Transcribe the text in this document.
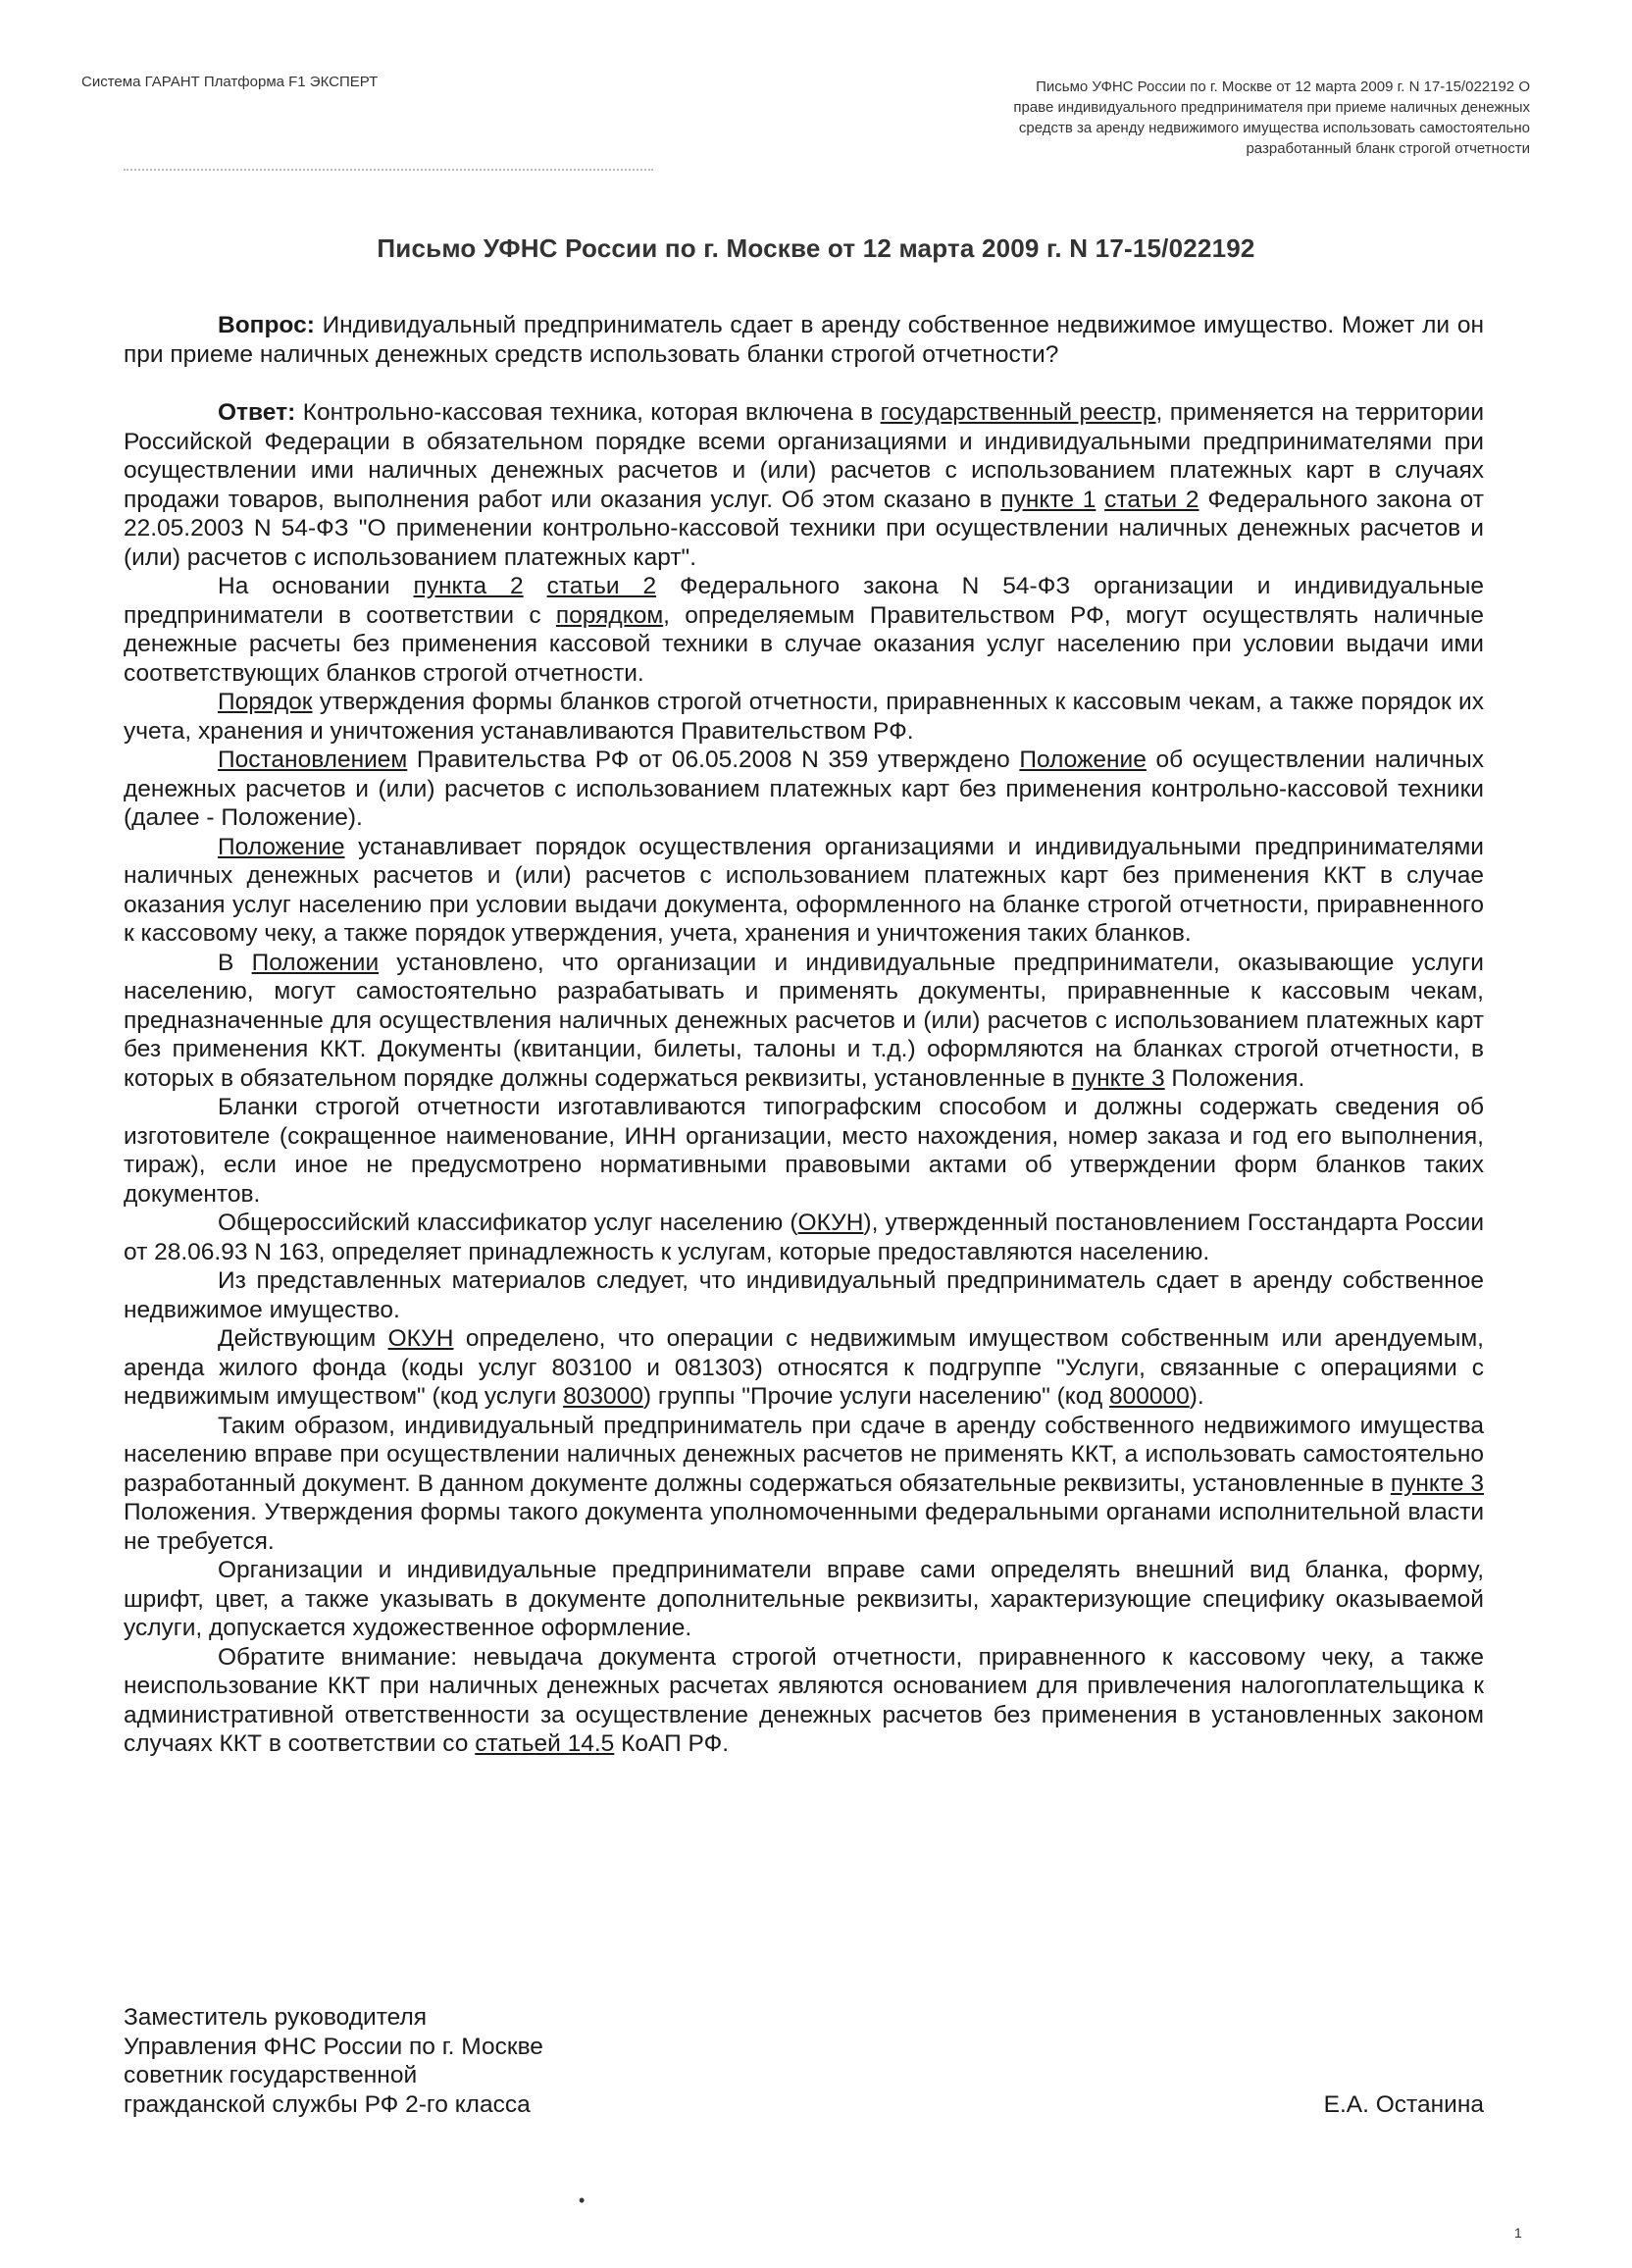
Система ГАРАНТ Платформа F1 ЭКСПЕРТ	Письмо УФНС России по г. Москве от 12 марта 2009 г. N 17-15/022192 О
праве индивидуального предпринимателя при приеме наличных денежных
средств за аренду недвижимого имущества использовать самостоятельно
разработанный бланк строгой отчетности
Письмо УФНС России по г. Москве от 12 марта 2009 г. N 17-15/022192

Вопрос: Индивидуальный предприниматель сдает в аренду собственное недвижимое имущество. Может ли он при приеме наличных денежных средств использовать бланки строгой отчетности?

Ответ: Контрольно-кассовая техника, которая включена в государственный реестр, применяется на территории Российской Федерации в обязательном порядке всеми организациями и индивидуальными предпринимателями при осуществлении ими наличных денежных расчетов и (или) расчетов с использованием платежных карт в случаях продажи товаров, выполнения работ или оказания услуг. Об этом сказано в пункте 1 статьи 2 Федерального закона от 22.05.2003 N 54-ФЗ "О применении контрольно-кассовой техники при осуществлении наличных денежных расчетов и (или) расчетов с использованием платежных карт".

На основании пункта 2 статьи 2 Федерального закона N 54-ФЗ организации и индивидуальные предприниматели в соответствии с порядком, определяемым Правительством РФ, могут осуществлять наличные денежные расчеты без применения кассовой техники в случае оказания услуг населению при условии выдачи ими соответствующих бланков строгой отчетности.

Порядок утверждения формы бланков строгой отчетности, приравненных к кассовым чекам, а также порядок их учета, хранения и уничтожения устанавливаются Правительством РФ.

Постановлением Правительства РФ от 06.05.2008 N 359 утверждено Положение об осуществлении наличных денежных расчетов и (или) расчетов с использованием платежных карт без применения контрольно-кассовой техники (далее - Положение).

Положение устанавливает порядок осуществления организациями и индивидуальными предпринимателями наличных денежных расчетов и (или) расчетов с использованием платежных карт без применения ККТ в случае оказания услуг населению при условии выдачи документа, оформленного на бланке строгой отчетности, приравненного к кассовому чеку, а также порядок утверждения, учета, хранения и уничтожения таких бланков.

В Положении установлено, что организации и индивидуальные предприниматели, оказывающие услуги населению, могут самостоятельно разрабатывать и применять документы, приравненные к кассовым чекам, предназначенные для осуществления наличных денежных расчетов и (или) расчетов с использованием платежных карт без применения ККТ. Документы (квитанции, билеты, талоны и т.д.) оформляются на бланках строгой отчетности, в которых в обязательном порядке должны содержаться реквизиты, установленные в пункте 3 Положения.

Бланки строгой отчетности изготавливаются типографским способом и должны содержать сведения об изготовителе (сокращенное наименование, ИНН организации, место нахождения, номер заказа и год его выполнения, тираж), если иное не предусмотрено нормативными правовыми актами об утверждении форм бланков таких документов.

Общероссийский классификатор услуг населению (ОКУН), утвержденный постановлением Госстандарта России от 28.06.93 N 163, определяет принадлежность к услугам, которые предоставляются населению.

Из представленных материалов следует, что индивидуальный предприниматель сдает в аренду собственное недвижимое имущество.

Действующим ОКУН определено, что операции с недвижимым имуществом собственным или арендуемым, аренда жилого фонда (коды услуг 803100 и 081303) относятся к подгруппе "Услуги, связанные с операциями с недвижимым имуществом" (код услуги 803000) группы "Прочие услуги населению" (код 800000).

Таким образом, индивидуальный предприниматель при сдаче в аренду собственного недвижимого имущества населению вправе при осуществлении наличных денежных расчетов не применять ККТ, а использовать самостоятельно разработанный документ. В данном документе должны содержаться обязательные реквизиты, установленные в пункте 3 Положения. Утверждения формы такого документа уполномоченными федеральными органами исполнительной власти не требуется.

Организации и индивидуальные предприниматели вправе сами определять внешний вид бланка, форму, шрифт, цвет, а также указывать в документе дополнительные реквизиты, характеризующие специфику оказываемой услуги, допускается художественное оформление.

Обратите внимание: невыдача документа строгой отчетности, приравненного к кассовому чеку, а также неиспользование ККТ при наличных денежных расчетах являются основанием для привлечения налогоплательщика к административной ответственности за осуществление денежных расчетов без применения в установленных законом случаях ККТ в соответствии со статьей 14.5 КоАП РФ.

Заместитель руководителя
Управления ФНС России по г. Москве
советник государственной
гражданской службы РФ 2-го класса	Е.А. Останина
•
1
